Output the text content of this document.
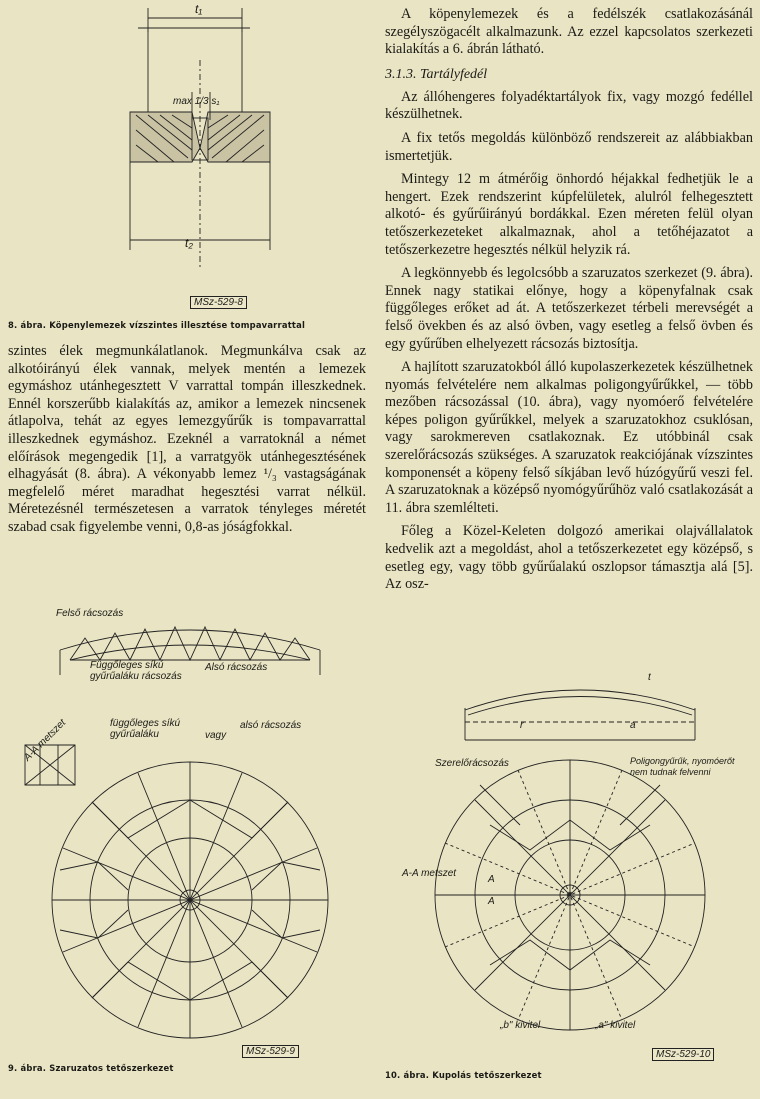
t₁
max 1/3 s₁
t₂
MSz-529-8
8. ábra. Köpenylemezek vízszintes illesztése tompavarrattal

szintes élek megmunkálatlanok. Megmunkálva csak az alkotóirányú élek vannak, melyek mentén a lemezek egymáshoz utánhegesztett V varrattal tompán illeszkednek. Ennél korszerűbb kialakítás az, amikor a lemezek nincsenek átlapolva, tehát az egyes lemezgyűrűk is tompavarrattal illeszkednek egymáshoz. Ezeknél a varratoknál a német előírások megengedik [1], a varratgyök utánhegesztésének elhagyását (8. ábra). A vékonyabb lemez ¹/₃ vastagságának megfelelő méret maradhat hegesztési varrat nélkül. Méretezésnél természetesen a varratok tényleges méretét szabad csak figyelembe venni, 0,8-as jóságfokkal.

Felső rácsozás
Függőleges síkú gyűrűaláku rácsozás
Alsó rácsozás
függőleges síkú gyűrűaláku	vagy
alsó rácsozás
A-A metszet
MSz-529-9
9. ábra. Szaruzatos tetőszerkezet

A köpenylemezek és a fedélszék csatlakozásánál szegélyszögacélt alkalmazunk. Az ezzel kapcsolatos szerkezeti kialakítás a 6. ábrán látható.

3.1.3. Tartályfedél

Az állóhengeres folyadéktartályok fix, vagy mozgó fedéllel készülhetnek.

A fix tetős megoldás különböző rendszereit az alábbiakban ismertetjük.

Mintegy 12 m átmérőig önhordó héjakkal fedhetjük le a hengert. Ezek rendszerint kúpfelületek, alulról felhegesztett alkotó- és gyűrűirányú bordákkal. Ezen méreten felül olyan tetőszerkezeteket alkalmaznak, ahol a tetőhéjazatot a tetőszerkezetre hegesztés nélkül helyzik rá.

A legkönnyebb és legolcsóbb a szaruzatos szerkezet (9. ábra). Ennek nagy statikai előnye, hogy a köpenyfalnak csak függőleges erőket ad át. A tetőszerkezet térbeli merevségét a felső övekben és az alsó övben, vagy esetleg a felső övben és egy gyűrűben elhelyezett rácsozás biztosítja.

A hajlított szaruzatokból álló kupolaszerkezetek készülhetnek nyomás felvételére nem alkalmas poligongyűrűkkel, — több mezőben rácsozással (10. ábra), vagy nyomóerő felvételére képes poligon gyűrűkkel, melyek a szaruzatokhoz csuklósan, vagy sarokmereven csatlakoznak. Ez utóbbinál csak szerelőrácsozás szükséges. A szaruzatok reakciójának vízszintes komponensét a köpeny felső síkjában levő húzógyűrű veszi fel. A szaruzatoknak a középső nyomógyűrűhöz való csatlakozását a 11. ábra szemlélteti.

Főleg a Közel-Keleten dolgozó amerikai olajvállalatok kedvelik azt a megoldást, ahol a tetőszerkezetet egy középső, s esetleg egy, vagy több gyűrűalakú oszlopsor támasztja alá [5]. Az osz-

r	a
t
Szerelőrácsozás	Poligongyűrűk, nyomóerőt nem tudnak felvenni
A-A metszet
A
A
„b" kivitel	„a" kivitel
MSz-529-10
10. ábra. Kupolás tetőszerkezet
